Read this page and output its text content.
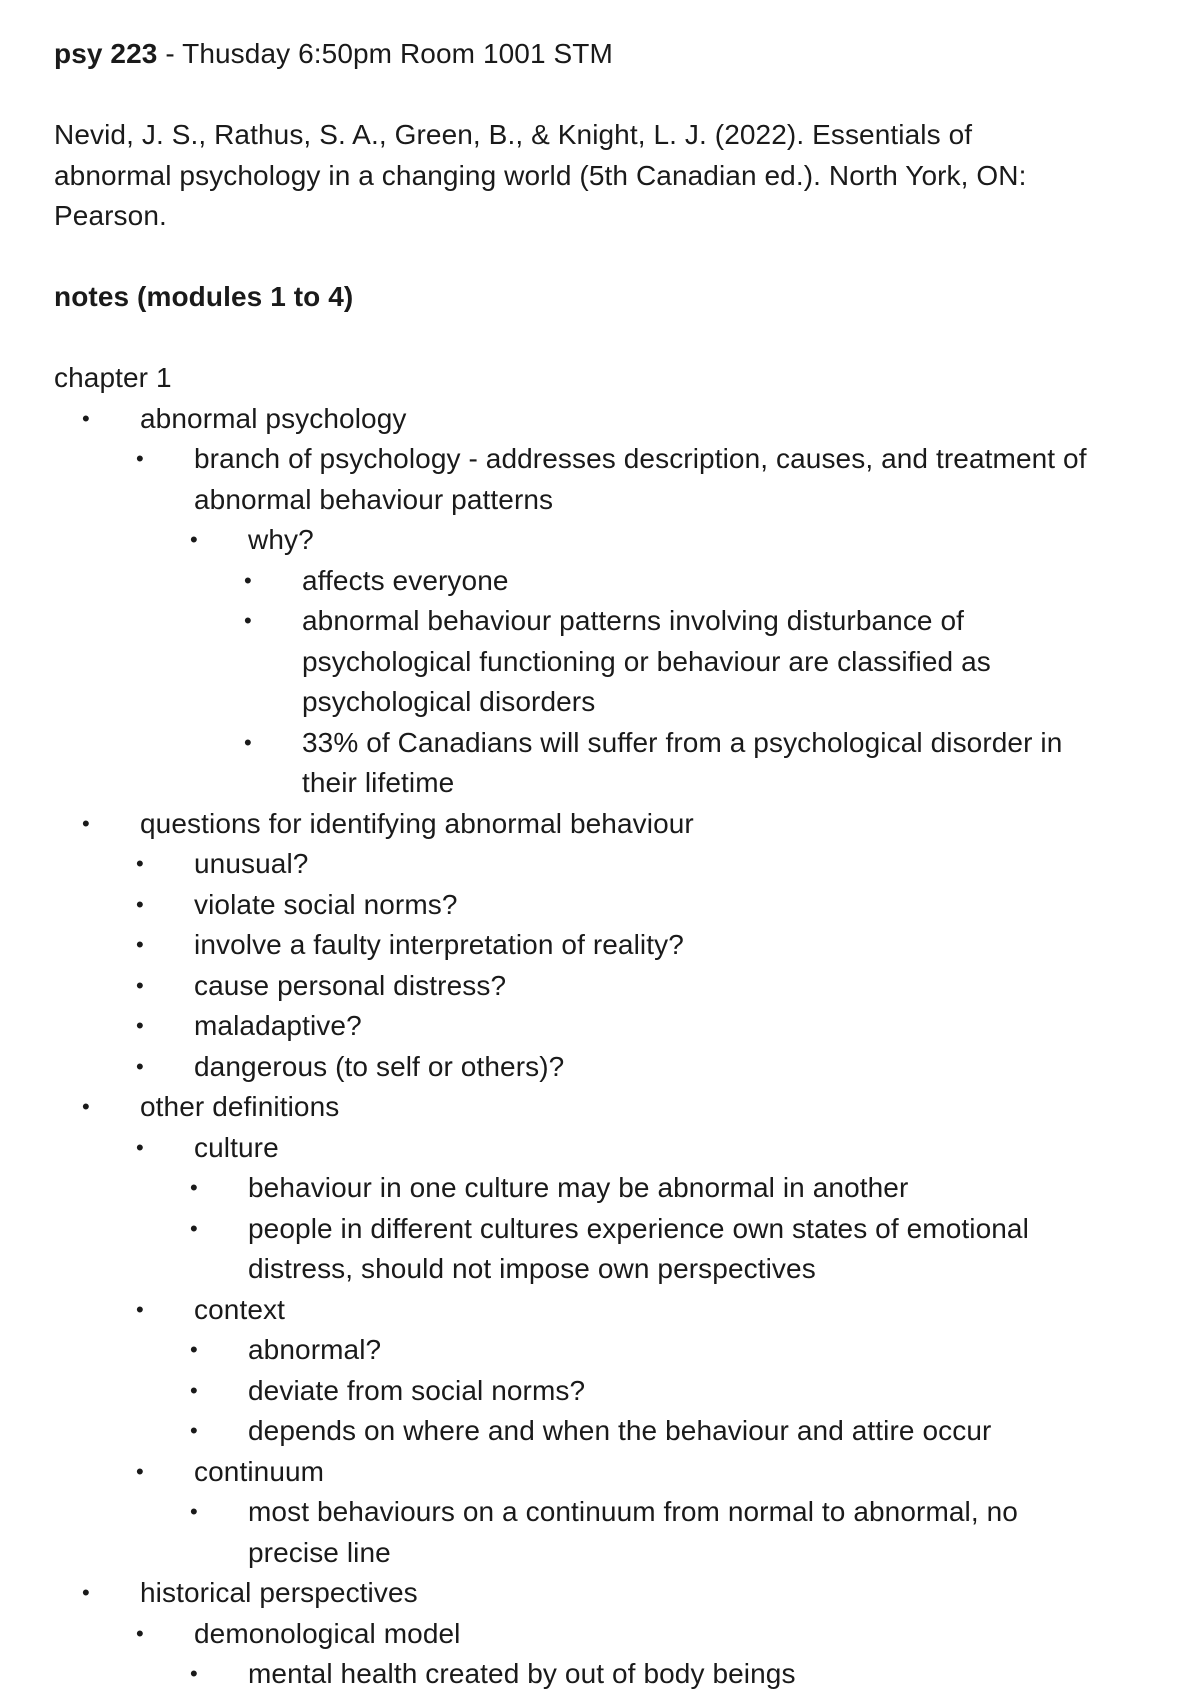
psy 223 - Thusday 6:50pm Room 1001 STM

Nevid, J. S., Rathus, S. A., Green, B., & Knight, L. J. (2022). Essentials of abnormal psychology in a changing world (5th Canadian ed.). North York, ON: Pearson.

notes (modules 1 to 4)

chapter 1

•	abnormal psychology
•	branch of psychology - addresses description, causes, and treatment of abnormal behaviour patterns
•	why?
•	affects everyone
•	abnormal behaviour patterns involving disturbance of psychological functioning or behaviour are classified as psychological disorders
•	33% of Canadians will suffer from a psychological disorder in their lifetime
•	questions for identifying abnormal behaviour
•	unusual?
•	violate social norms?
•	involve a faulty interpretation of reality?
•	cause personal distress?
•	maladaptive?
•	dangerous (to self or others)?
•	other definitions
•	culture
•	behaviour in one culture may be abnormal in another
•	people in different cultures experience own states of emotional distress, should not impose own perspectives
•	context
•	abnormal?
•	deviate from social norms?
•	depends on where and when the behaviour and attire occur
•	continuum
•	most behaviours on a continuum from normal to abnormal, no precise line
•	historical perspectives
•	demonological model
•	mental health created by out of body beings
